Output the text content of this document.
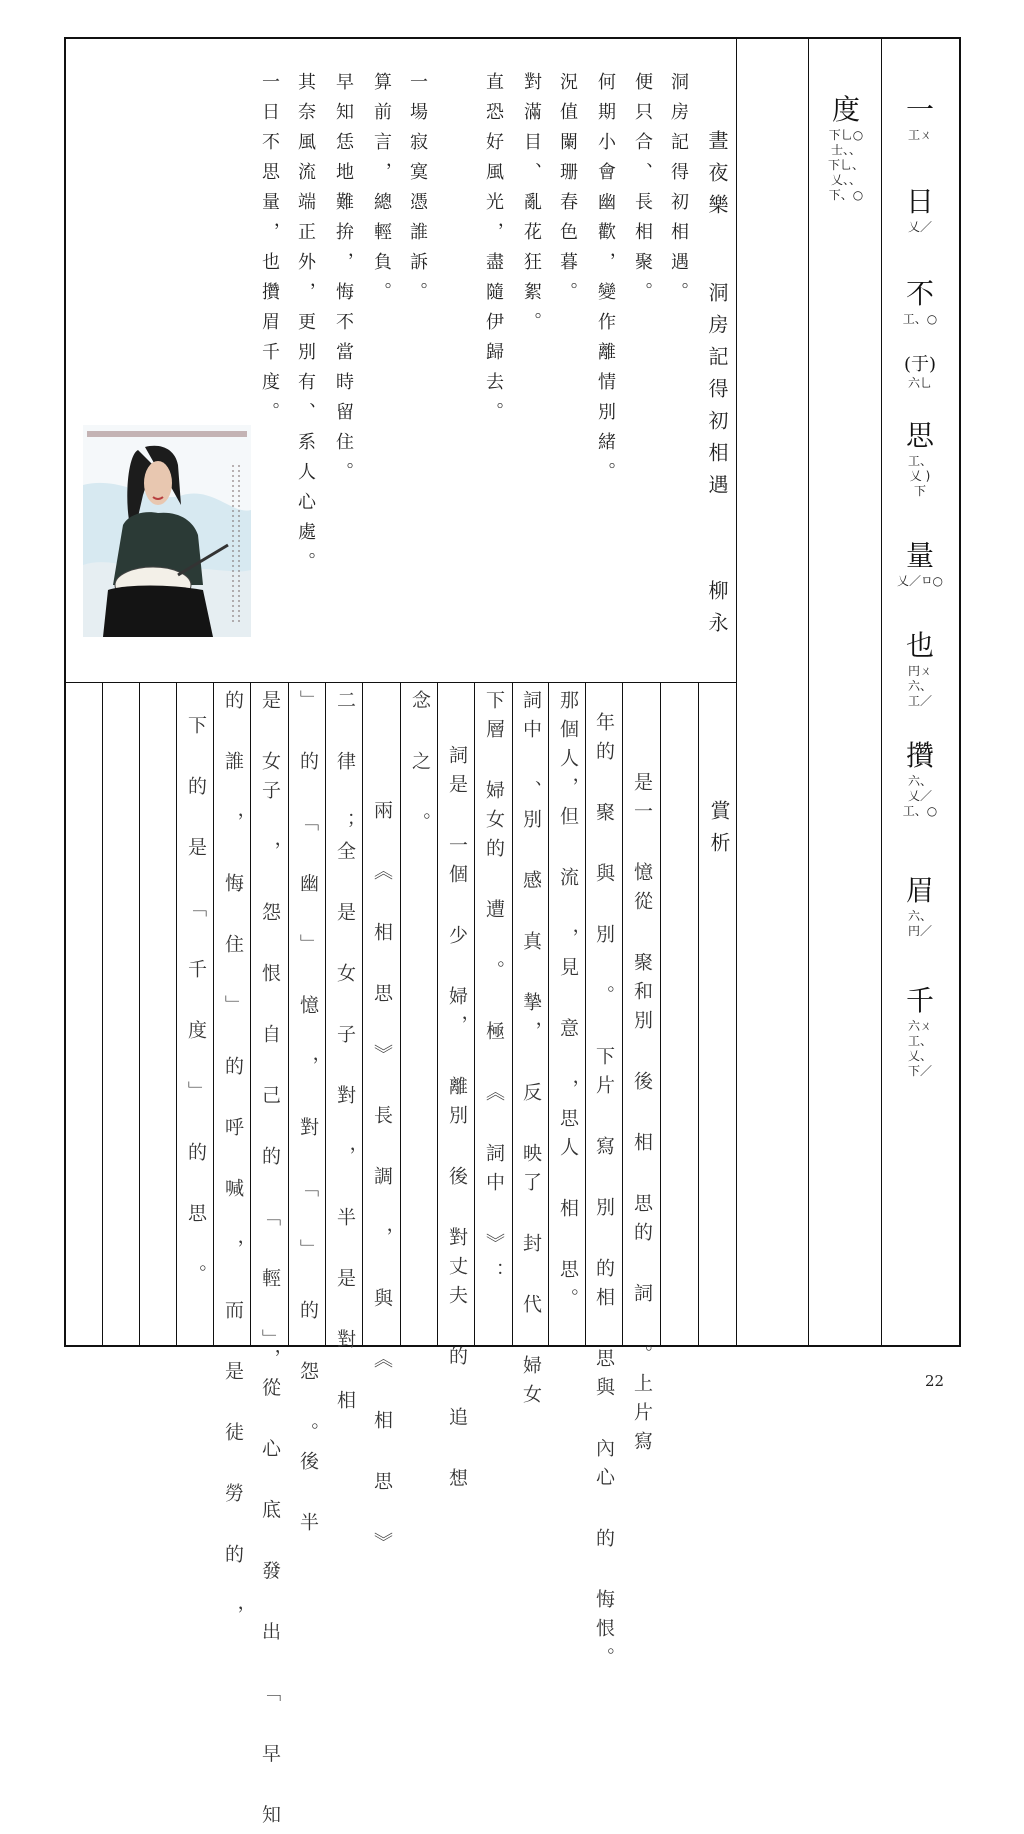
晝夜樂
洞房記得初相遇
柳永
洞房記得初相遇。
便只合、長相聚。
何期小會幽歡，變作離情別緒。
況值闌珊春色暮。
對滿目、亂花狂絮。
直恐好風光，盡隨伊歸去。
一場寂寞憑誰訴。
算前言，總輕負。
早知恁地難拚，悔不當時留住。
其奈風流端正外，更別有、系人心處。
一日不思量，也攢眉千度。
賞析
是一 憶從 聚和別 後 相 思的 詞 。上片寫
年的 聚 與 別 。 下片 寫 別 的相 思與 內心 的 悔恨。
那個人，但 流 ，見 意 ，思人 相 思。
詞中 、別 感 真 摯， 反 映了 封 代 婦女
下層 婦女的 遭 。 極 《 詞中 》：
詞是 一個 少 婦， 離別 後 對丈夫 的 追 想
念 之 。
兩 《 相 思 》 長 調 ， 與 《 相 思 》
二 律 ；全 是 女 子 對 ， 半 是 對 相
」 的 「 幽 」 憶 ， 對 「 」 的 怨 。後 半
是 女子 ， 怨 恨 自 己 的 「 輕 」，從 心 底 發 出 「 早 知
的 誰 ， 悔 住 」 的 呼 喊 ， 而 是 徒 勞 的 ，
下 的 是 「 千 度 」 的 思 。
一
工ㄨ
日
乂／
不
工、○
(于)
六乚
思
工、
乂 )
下
量
乂／ㅁ○
也
円ㄨ
六、
工／
攢
六、
乂／
工、○
眉
六、
円／
千
六ㄨ
工、
乂、
下／
度
下乚○
士、、
下乚、
乂、、
下、○
22
